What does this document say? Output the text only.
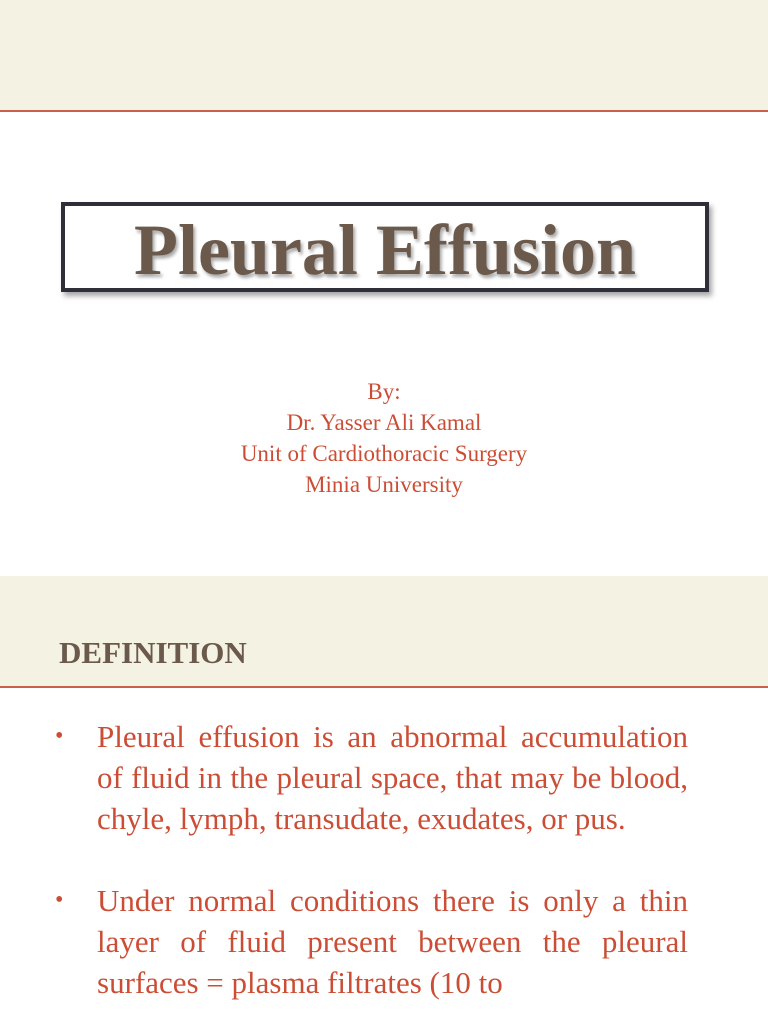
Pleural Effusion
By:
Dr. Yasser Ali Kamal
Unit of Cardiothoracic Surgery
Minia University
DEFINITION
• Pleural effusion is an abnormal accumulation of fluid in the pleural space, that may be blood, chyle, lymph, transudate, exudates, or pus.
• Under normal conditions there is only a thin layer of fluid present between the pleural surfaces = plasma filtrates (10 to
